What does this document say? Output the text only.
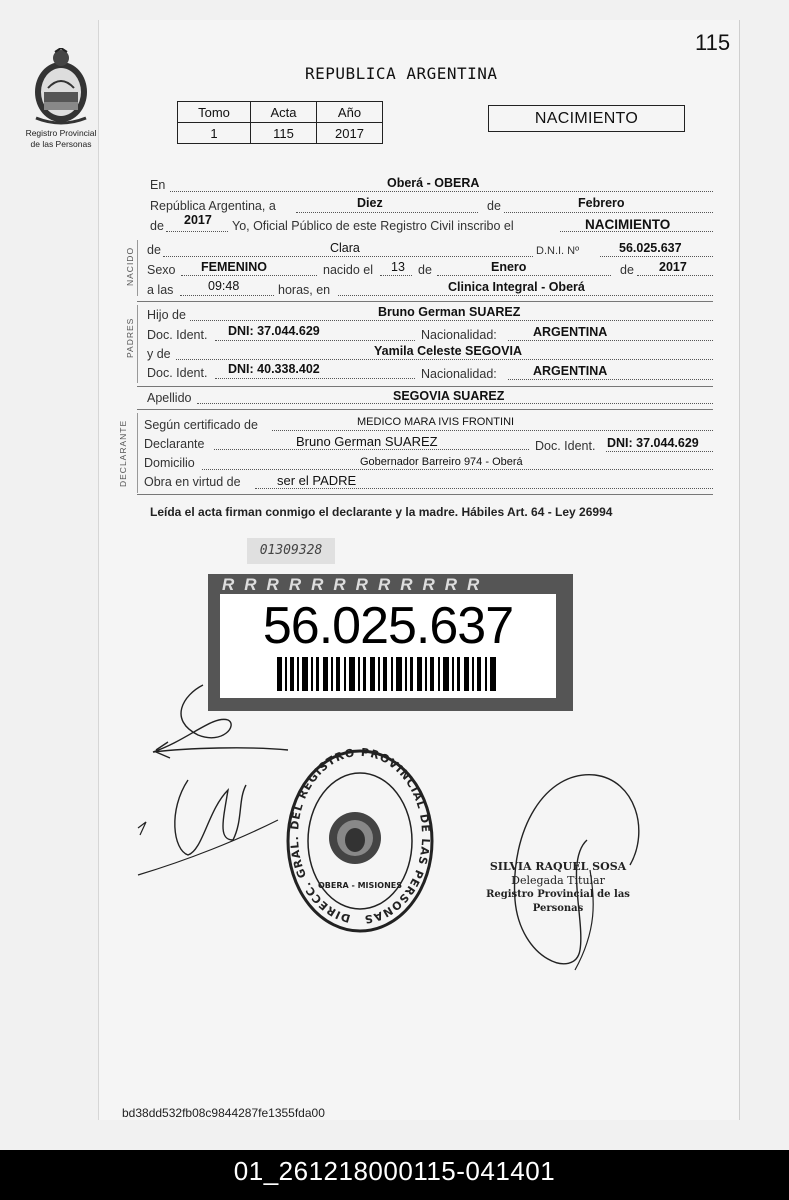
115
Registro Provincial
de las Personas
REPUBLICA ARGENTINA
Tomo	Acta	Año
1	115	2017
NACIMIENTO
En	Oberá - OBERA
República Argentina, a	Diez	de	Febrero
de 2017 Yo, Oficial Público de este Registro Civil inscribo el	NACIMIENTO
NACIDO de	Clara	D.N.I. Nº	56.025.637
Sexo FEMENINO	nacido el 13 de	Enero	de 2017
a las	09:48	horas, en	Clinica Integral - Oberá
PADRES
Hijo de	Bruno German SUAREZ
Doc. Ident. DNI: 37.044.629	Nacionalidad:	ARGENTINA
y de	Yamila Celeste SEGOVIA
Doc. Ident. DNI: 40.338.402	Nacionalidad:	ARGENTINA
Apellido	SEGOVIA SUAREZ
DECLARANTE Según certificado de	MEDICO MARA IVIS FRONTINI
Declarante	Bruno German SUAREZ	Doc. Ident. DNI: 37.044.629
Domicilio	Gobernador Barreiro 974 - Oberá
Obra en virtud de	ser el PADRE
Leída el acta firman conmigo el declarante y la madre. Hábiles Art. 64 - Ley 26994
01309328
RRRRRRRRRRRR
56.025.637
DIRECC. GRAL. DEL REGISTRO PROVINCIAL DE LAS PERSONAS
OBERA - MISIONES
SILVIA RAQUEL SOSA
Delegada Titular
Registro Provincial de las Personas
bd38dd532fb08c9844287fe1355fda00
01_261218000115-041401
